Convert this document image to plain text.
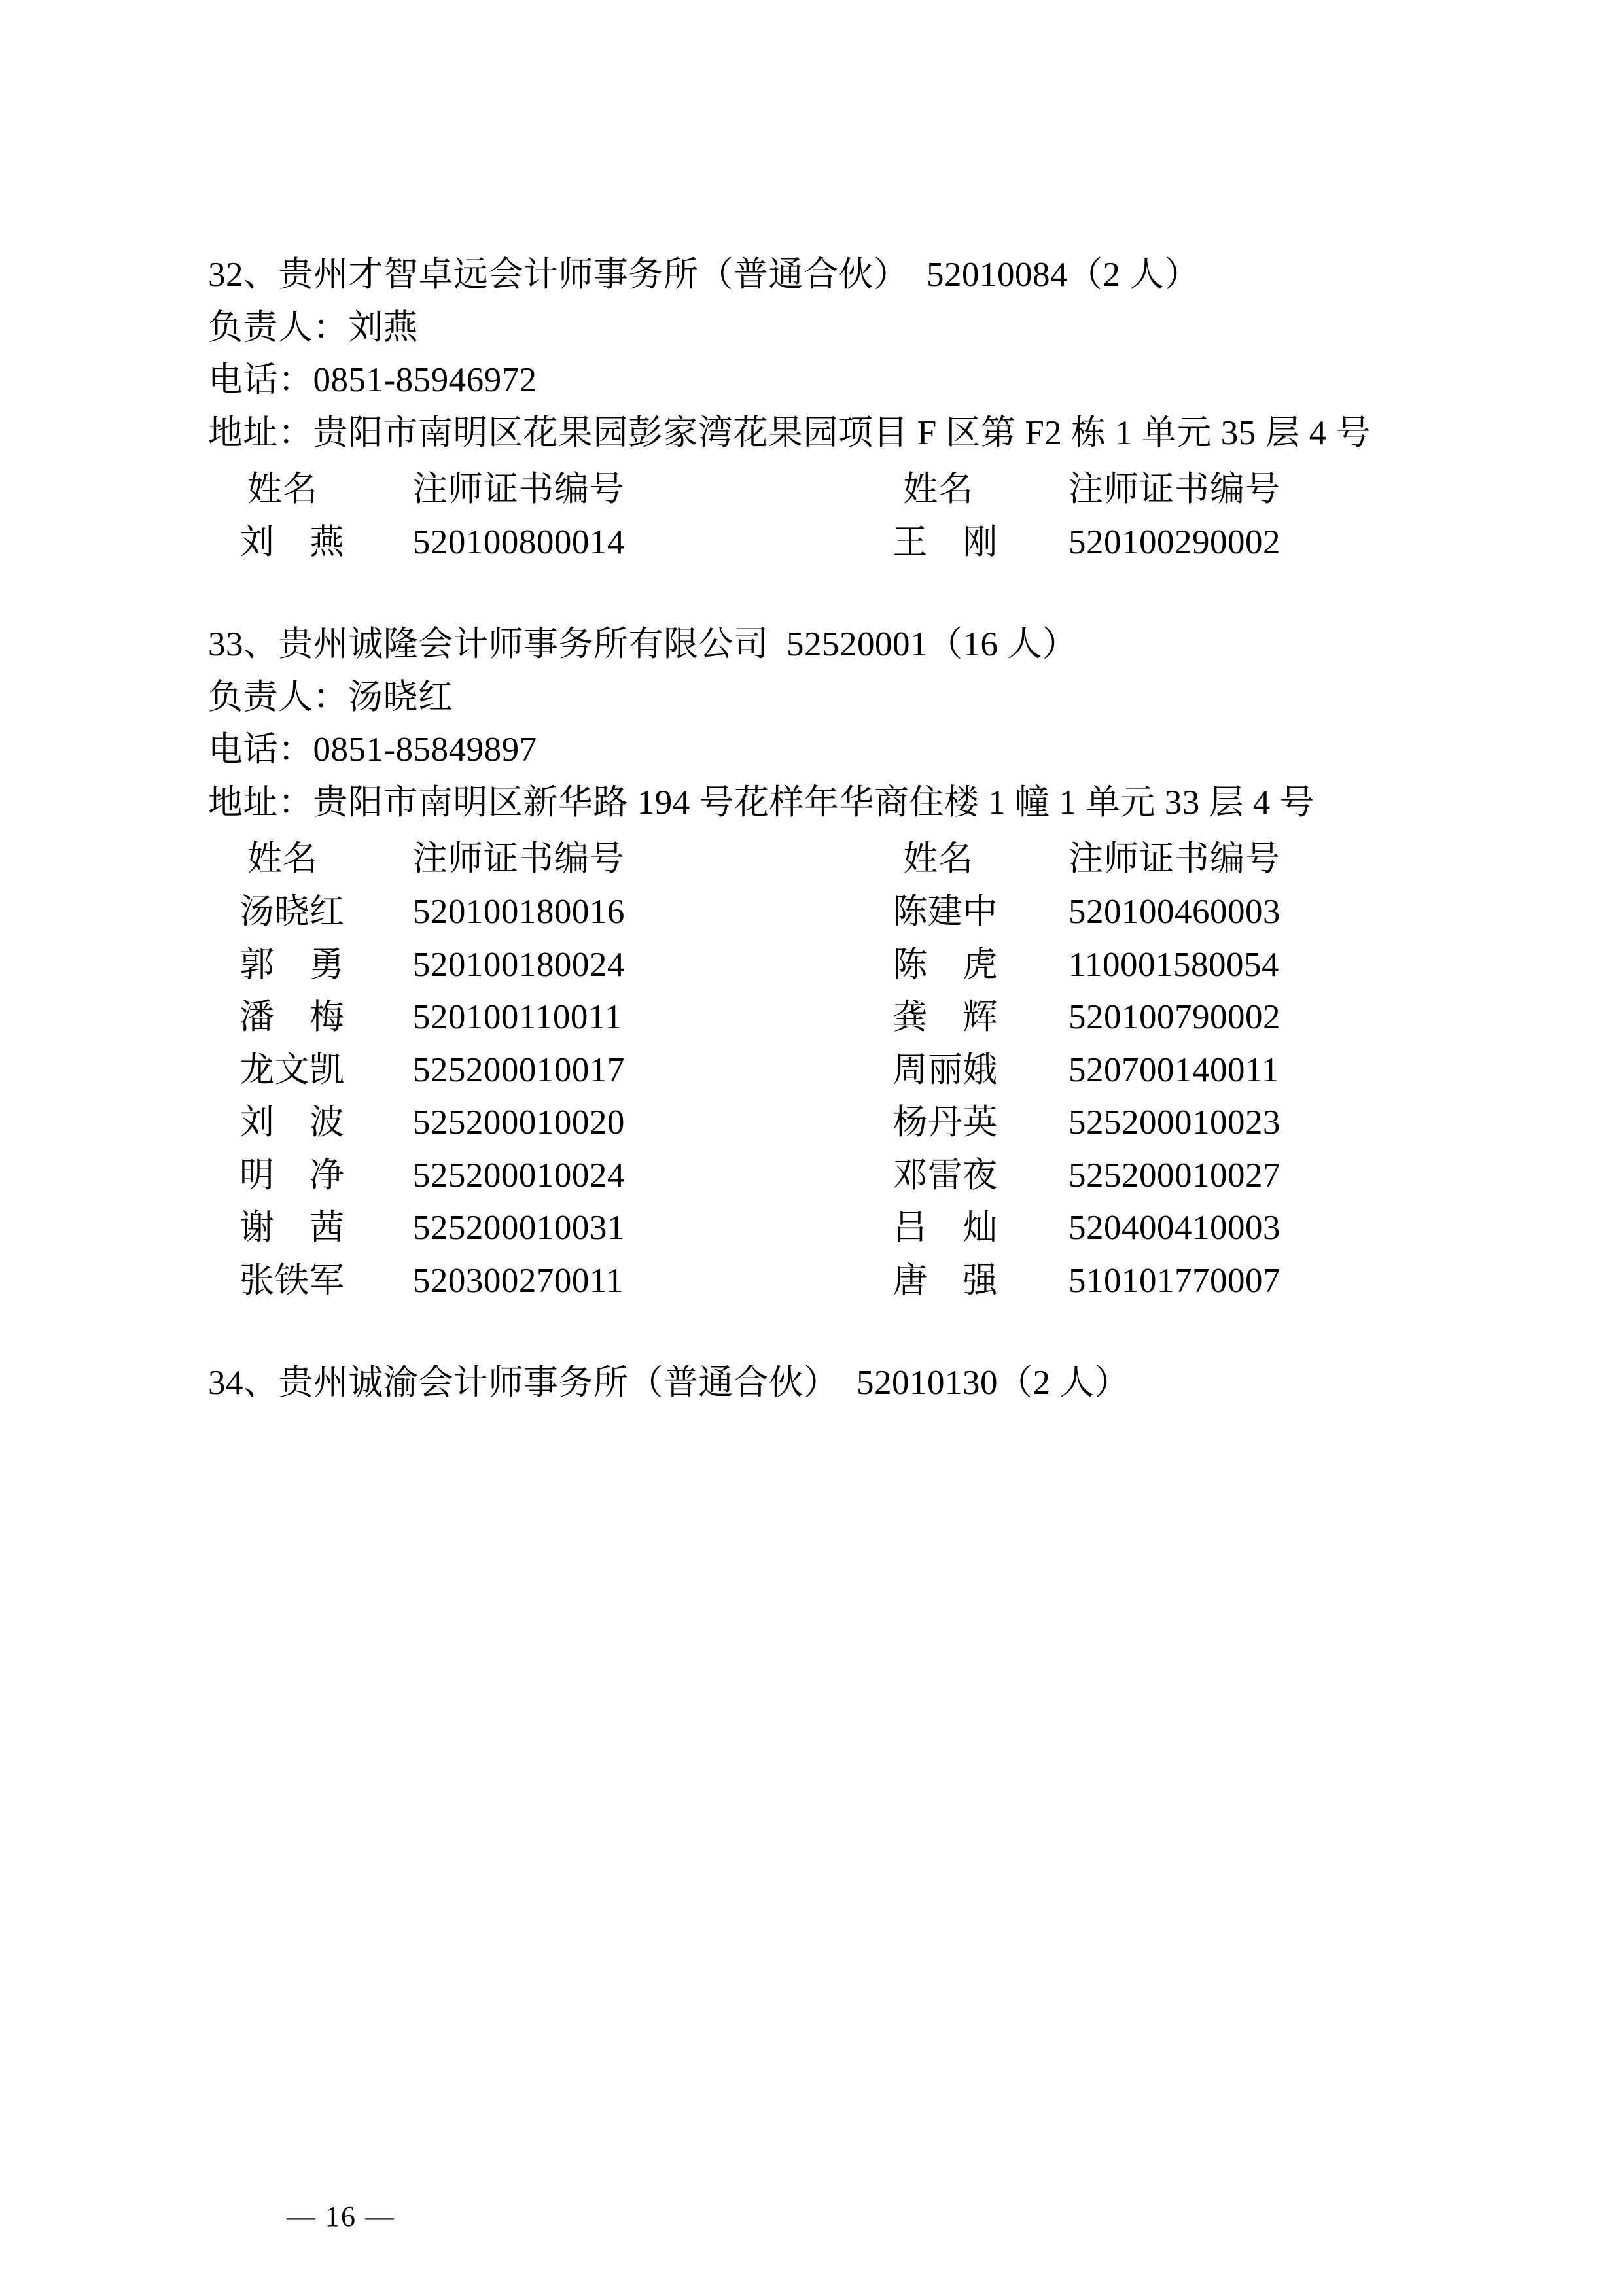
32、贵州才智卓远会计师事务所（普通合伙）  52010084（2 人）
负责人：刘燕
电话：0851-85946972
地址：贵阳市南明区花果园彭家湾花果园项目 F 区第 F2 栋 1 单元 35 层 4 号
姓名	注师证书编号		姓名	注师证书编号
刘　燕	520100800014		王　刚	520100290002
33、贵州诚隆会计师事务所有限公司  52520001（16 人）
负责人：汤晓红
电话：0851-85849897
地址：贵阳市南明区新华路 194 号花样年华商住楼 1 幢 1 单元 33 层 4 号
姓名	注师证书编号		姓名	注师证书编号
汤晓红	520100180016		陈建中	520100460003
郭　勇	520100180024		陈　虎	110001580054
潘　梅	520100110011		龚　辉	520100790002
龙文凯	525200010017		周丽娥	520700140011
刘　波	525200010020		杨丹英	525200010023
明　净	525200010024		邓雷夜	525200010027
谢　茜	525200010031		吕　灿	520400410003
张铁军	520300270011		唐　强	510101770007
34、贵州诚渝会计师事务所（普通合伙）  52010130（2 人）
— 16 —
